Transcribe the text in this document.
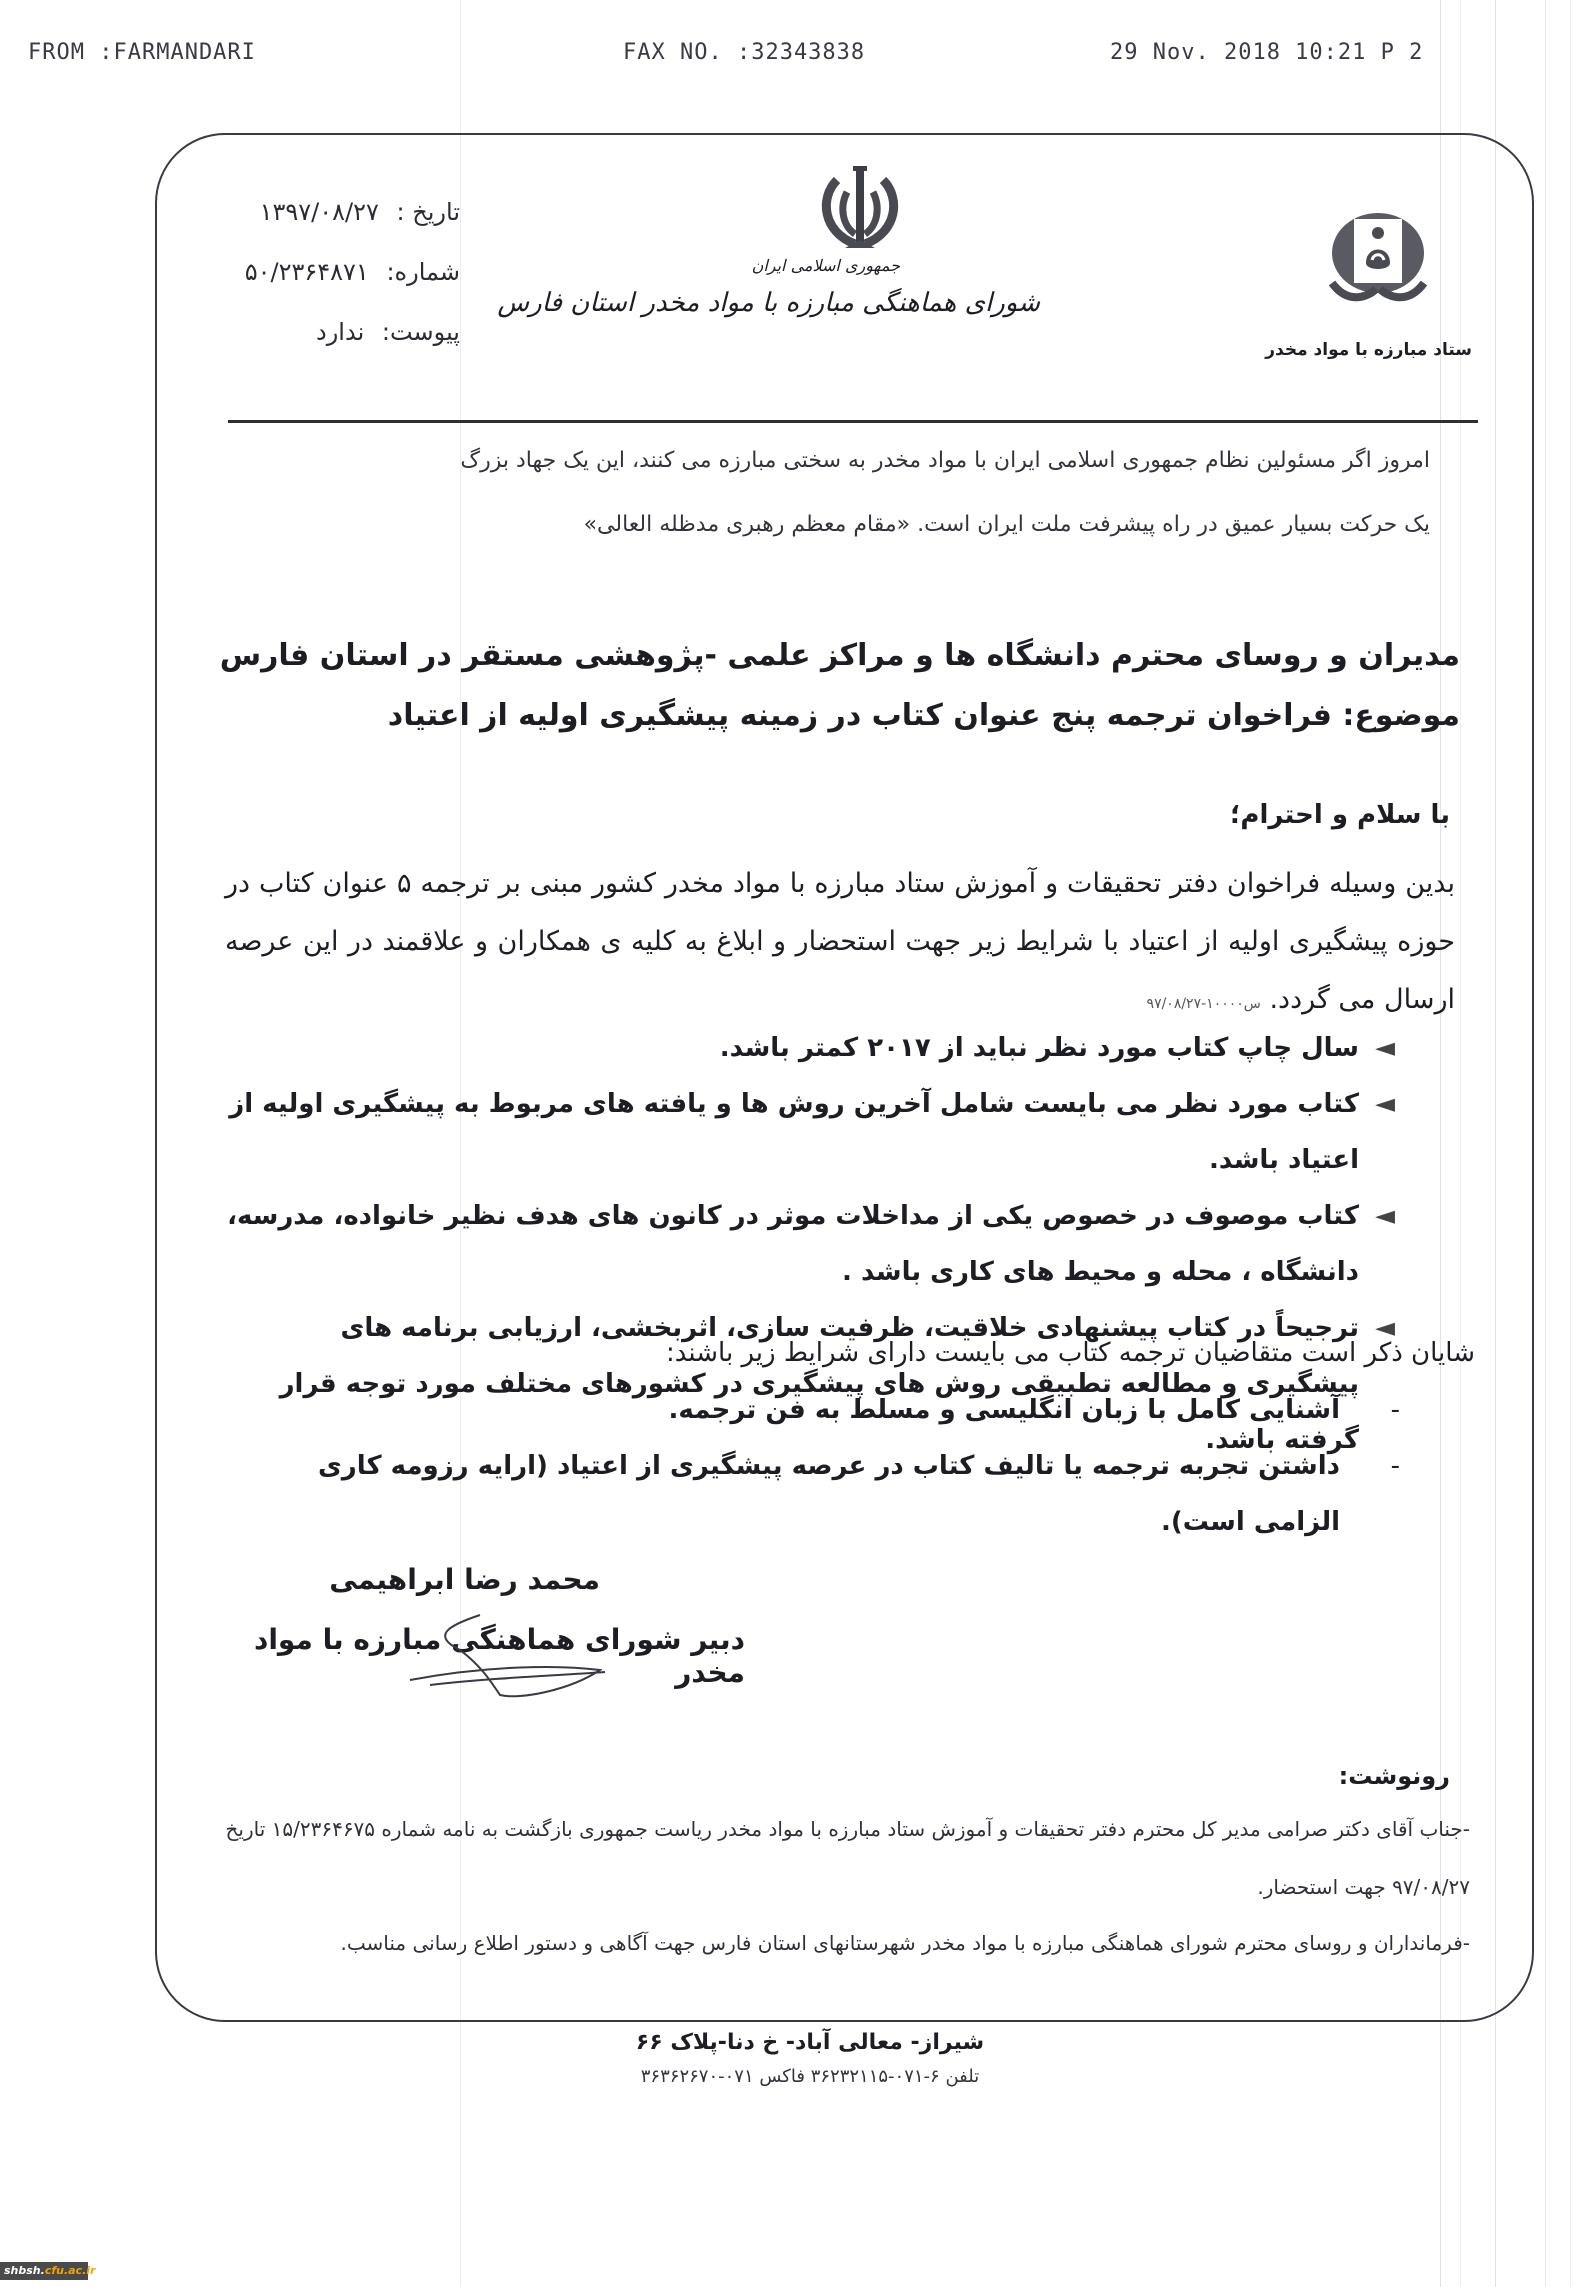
FROM :FARMANDARI	FAX NO. :32343838	29 Nov. 2018 10:21 P 2
تاریخ : ۱۳۹۷/۰۸/۲۷
شماره: ۵۰/۲۳۶۴۸۷۱
پیوست: ندارد
جمهوری اسلامی ایران
شورای هماهنگی مبارزه با مواد مخدر استان فارس
ستاد مبارزه با مواد مخدر
امروز اگر مسئولین نظام جمهوری اسلامی ایران با مواد مخدر به سختی مبارزه می کنند، این یک جهاد بزرگ
یک حرکت بسیار عمیق در راه پیشرفت ملت ایران است. «مقام معظم رهبری مدظله العالی»
مدیران و روسای محترم دانشگاه ها و مراکز علمی -پژوهشی مستقر در استان فارس
موضوع: فراخوان ترجمه پنج عنوان کتاب در زمینه پیشگیری اولیه از اعتیاد
با سلام و احترام؛
بدین وسیله فراخوان دفتر تحقیقات و آموزش ستاد مبارزه با مواد مخدر کشور مبنی بر ترجمه ۵ عنوان کتاب در حوزه پیشگیری اولیه از اعتیاد با شرایط زیر جهت استحضار و ابلاغ به کلیه ی همکاران و علاقمند در این عرصه ارسال می گردد. س۱۰۰۰۰-۹۷/۰۸/۲۷
◄
سال چاپ کتاب مورد نظر نباید از ۲۰۱۷ کمتر باشد.
◄
کتاب مورد نظر می بایست شامل آخرین روش ها و یافته های مربوط به پیشگیری اولیه از اعتیاد باشد.
◄
کتاب موصوف در خصوص یکی از مداخلات موثر در کانون های هدف نظیر خانواده، مدرسه، دانشگاه ، محله و محیط های کاری باشد .
◄
ترجیحاً در کتاب پیشنهادی خلاقیت، ظرفیت سازی، اثربخشی، ارزیابی برنامه های پیشگیری و مطالعه تطبیقی روش های پیشگیری در کشورهای مختلف مورد توجه قرار گرفته باشد.
شایان ذکر است متقاضیان ترجمه کتاب می بایست دارای شرایط زیر باشند:
-
آشنایی کامل با زبان انگلیسی و مسلط به فن ترجمه.
-
داشتن تجربه ترجمه یا تالیف کتاب در عرصه پیشگیری از اعتیاد (ارایه رزومه کاری الزامی است).
محمد رضا ابراهیمی
دبیر شورای هماهنگی مبارزه با مواد مخدر
رونوشت:
-جناب آقای دکتر صرامی مدیر کل محترم دفتر تحقیقات و آموزش ستاد مبارزه با مواد مخدر ریاست جمهوری بازگشت به نامه شماره ۱۵/۲۳۶۴۶۷۵ تاریخ ۹۷/۰۸/۲۷ جهت استحضار.
-فرمانداران و روسای محترم شورای هماهنگی مبارزه با مواد مخدر شهرستانهای استان فارس جهت آگاهی و دستور اطلاع رسانی مناسب.
شیراز- معالی آباد- خ دنا-پلاک ۶۶
تلفن ۶-۰۷۱-۳۶۲۳۲۱۱۵ فاکس ۰۷۱-۳۶۳۶۲۶۷۰
shbsh.cfu.ac.ir
